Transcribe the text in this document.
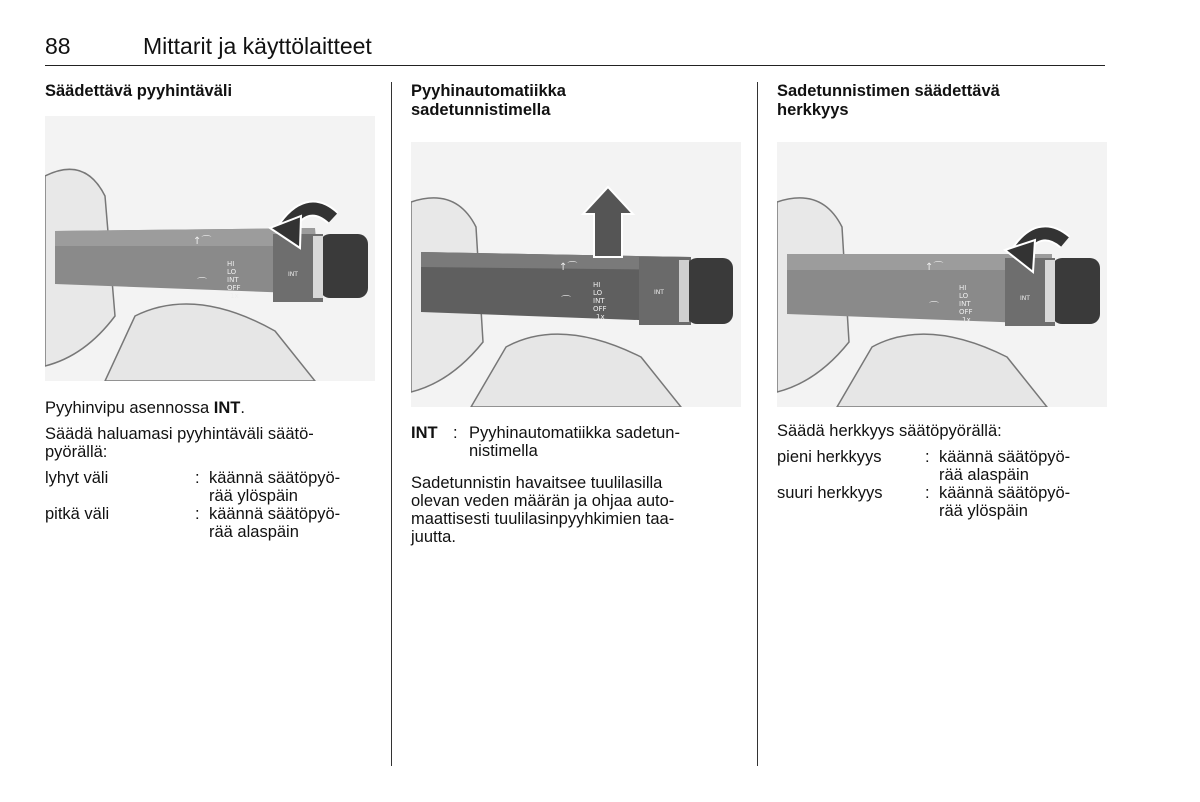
88	Mittarit ja käyttölaitteet
Säädettävä pyyhintäväli
↑⌒
⌒
HI
LO
INT
OFF
1x
INT

Pyyhinvipu asennossa INT.

Säädä haluamasi pyyhintäväli säätö-
pyörällä:

lyhyt väli	: käännä säätöpyö-
rää ylöspäin
pitkä väli	: käännä säätöpyö-
rää alaspäin
Pyyhinautomatiikka
sadetunnistimella
↑⌒
⌒
HI
LO
INT
OFF
1x
INT
INT : Pyyhinautomatiikka sadetun-
nistimella

Sadetunnistin havaitsee tuulilasilla
olevan veden määrän ja ohjaa auto-
maattisesti tuulilasinpyyhkimien taa-
juutta.

Sadetunnistimen säädettävä
herkkyys
↑⌒
⌒
HI
LO
INT
OFF
1x
INT

Säädä herkkyys säätöpyörällä:

pieni herkkyys	: käännä säätöpyö-
rää alaspäin
suuri herkkyys	: käännä säätöpyö-
rää ylöspäin
